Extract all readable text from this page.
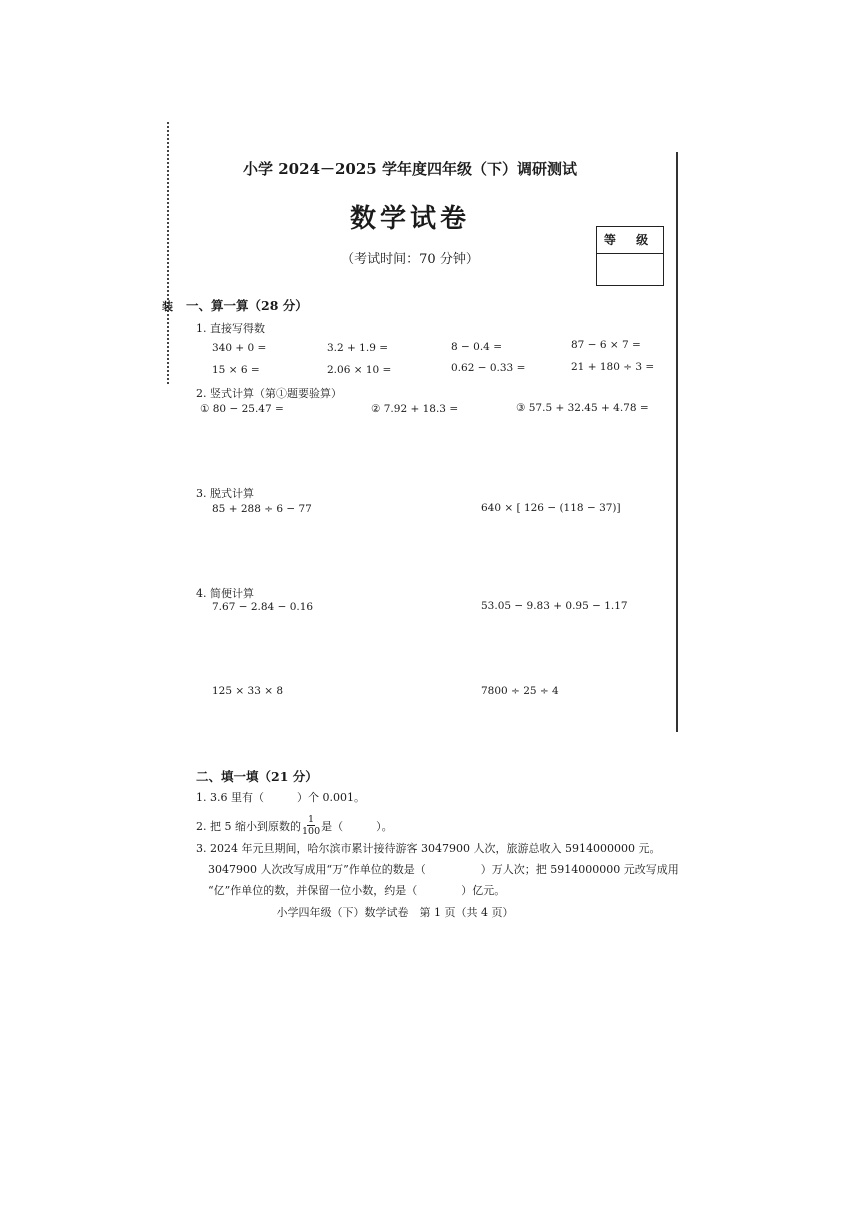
装
小学 2024－2025 学年度四年级（下）调研测试
数学试卷
（考试时间：70 分钟）
等 级
一、算一算（28 分）
1. 直接写得数
340 + 0 =	3.2 + 1.9 =	8 − 0.4 =	87 − 6 × 7 =
15 × 6 =	2.06 × 10 =	0.62 − 0.33 =	21 + 180 ÷ 3 =
2. 竖式计算（第①题要验算）
① 80 − 25.47 =	② 7.92 + 18.3 =	③ 57.5 + 32.45 + 4.78 =
3. 脱式计算
85 + 288 ÷ 6 − 77	640 × [ 126 − (118 − 37)]
4. 简便计算
7.67 − 2.84 − 0.16	53.05 − 9.83 + 0.95 − 1.17
125 × 33 × 8	7800 ÷ 25 ÷ 4
二、填一填（21 分）
1. 3.6 里有（　　　）个 0.001。
2. 把 5 缩小到原数的 $\frac{1}{100}$ 是（　　　）。
3. 2024 年元旦期间，哈尔滨市累计接待游客 3047900 人次，旅游总收入 5914000000 元。
3047900 人次改写成用“万”作单位的数是（　　　　　）万人次；把 5914000000 元改写成用
“亿”作单位的数，并保留一位小数，约是（　　　　）亿元。
小学四年级（下）数学试卷　第 1 页（共 4 页）
